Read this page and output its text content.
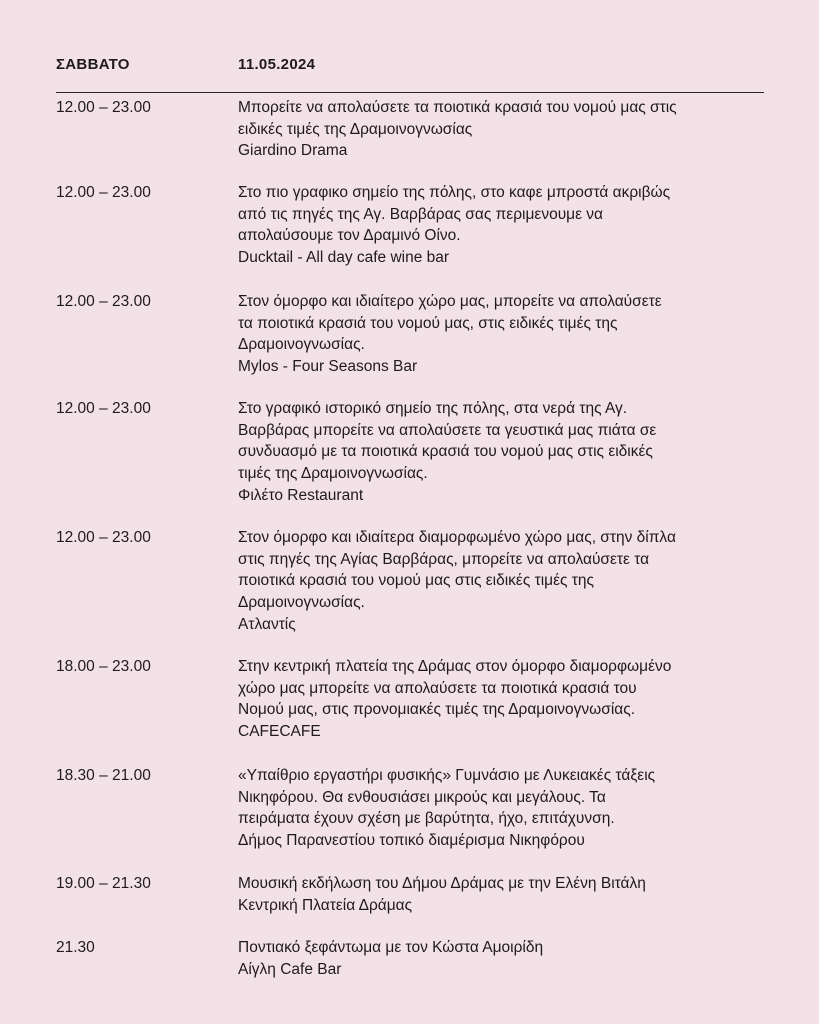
ΣΑΒΒΑΤΟ	11.05.2024
12.00 – 23.00	Μπορείτε να απολαύσετε τα ποιοτικά κρασιά του νομού μας στις
ειδικές τιμές της Δραμοινογνωσίας
Giardino Drama
12.00 – 23.00	Στο πιο γραφικο σημείο της πόλης, στο καφε μπροστά ακριβώς
από τις πηγές της Αγ. Βαρβάρας σας περιμενουμε να
απολαύσουμε τον Δραμινό Οίνο.
Ducktail - All day cafe wine bar
12.00 – 23.00	Στον όμορφο και ιδιαίτερο χώρο μας, μπορείτε να απολαύσετε
τα ποιοτικά κρασιά του νομού μας, στις ειδικές τιμές της
Δραμοινογνωσίας.
Mylos - Four Seasons Bar
12.00 – 23.00	Στο γραφικό ιστορικό σημείο της πόλης, στα νερά της Αγ.
Βαρβάρας μπορείτε να απολαύσετε τα γευστικά μας πιάτα σε
συνδυασμό με τα ποιοτικά κρασιά του νομού μας στις ειδικές
τιμές της Δραμοινογνωσίας.
Φιλέτο Restaurant
12.00 – 23.00	Στον όμορφο και ιδιαίτερα διαμορφωμένο χώρο μας, στην δίπλα
στις πηγές της Αγίας Βαρβάρας, μπορείτε να απολαύσετε τα
ποιοτικά κρασιά του νομού μας στις ειδικές τιμές της
Δραμοινογνωσίας.
Ατλαντίς
18.00 – 23.00	Στην κεντρική πλατεία της Δράμας στον όμορφο διαμορφωμένο
χώρο μας μπορείτε να απολαύσετε τα ποιοτικά κρασιά του
Νομού μας, στις προνομιακές τιμές της Δραμοινογνωσίας.
CAFECAFE
18.30 – 21.00	«Υπαίθριο εργαστήρι φυσικής» Γυμνάσιο με Λυκειακές τάξεις
Νικηφόρου. Θα ενθουσιάσει μικρούς και μεγάλους. Τα
πειράματα έχουν σχέση με βαρύτητα, ήχο, επιτάχυνση.
Δήμος Παρανεστίου τοπικό διαμέρισμα Νικηφόρου
19.00 – 21.30	Μουσική εκδήλωση του Δήμου Δράμας με την Ελένη Βιτάλη
Κεντρική Πλατεία Δράμας
21.30	Ποντιακό ξεφάντωμα με τον Κώστα Αμοιρίδη
Αίγλη Cafe Bar
